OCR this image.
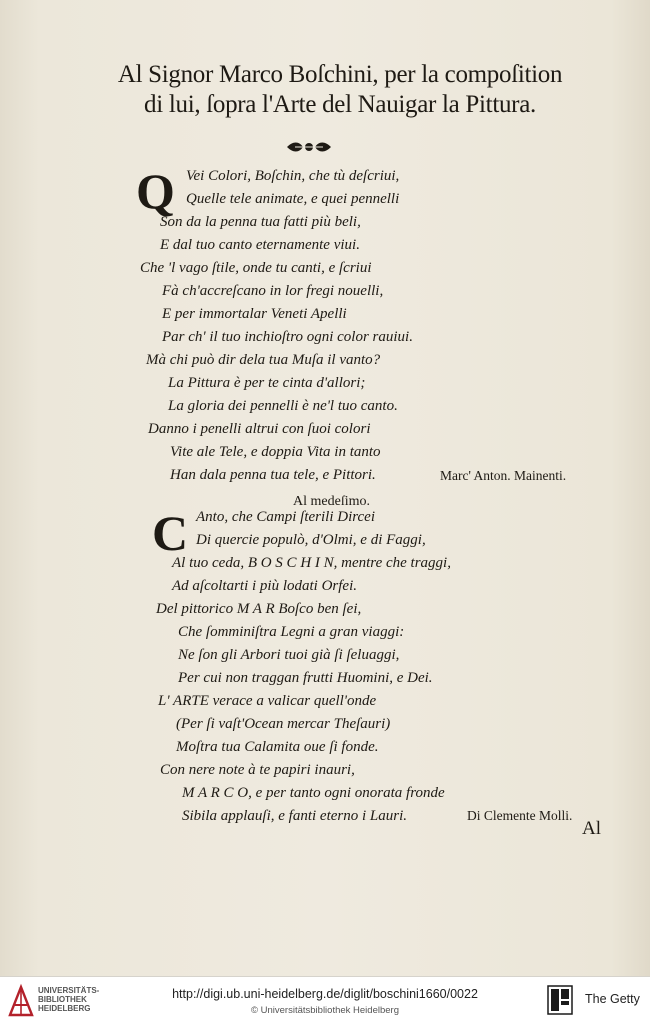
Al Signor Marco Boſchini, per la compoſition
di lui, ſopra l'Arte del Nauigar la Pittura.
Q Vei Colori, Boſchin, che tù deſcriui,
Quelle tele animate, e quei pennelli
Son da la penna tua fatti più beli,
E dal tuo canto eternamente viui.
Che 'l vago ſtile, onde tu canti, e ſcriui
Fà ch'accreſcano in lor fregi nouelli,
E per immortalar Veneti Apelli
Par ch' il tuo inchioſtro ogni color rauiui.
Mà chi può dir dela tua Muſa il vanto?
La Pittura è per te cinta d'allori;
La gloria dei pennelli è ne'l tuo canto.
Danno i penelli altrui con ſuoi colori
Vite ale Tele, e doppia Vita in tanto
Han dala penna tua tele, e Pittori.	Marc' Anton. Mainenti.
Al medeſimo.
C Anto, che Campi ſterili Dircei
Di quercie populò, d'Olmi, e di Faggi,
Al tuo ceda, B O S C H I N, mentre che traggi,
Ad aſcoltarti i più lodati Orfei.
Del pittorico M A R Boſco ben ſei,
Che ſomminiſtra Legni a gran viaggi:
Ne ſon gli Arbori tuoi già ſi ſeluaggi,
Per cui non traggan frutti Huomini, e Dei.
L' ARTE verace a valicar quell'onde
(Per ſi vaſt'Ocean mercar Theſauri)
Moſtra tua Calamita oue ſi fonde.
Con nere note à te papiri inauri,
M A R C O, e per tanto ogni onorata fronde
Sibila applauſi, e fanti eterno i Lauri.	Di Clemente Molli.
Al
UNIVERSITÄTS-
BIBLIOTHEK
HEIDELBERG
http://digi.ub.uni-heidelberg.de/diglit/boschini1660/0022
© Universitätsbibliothek Heidelberg
The Getty
